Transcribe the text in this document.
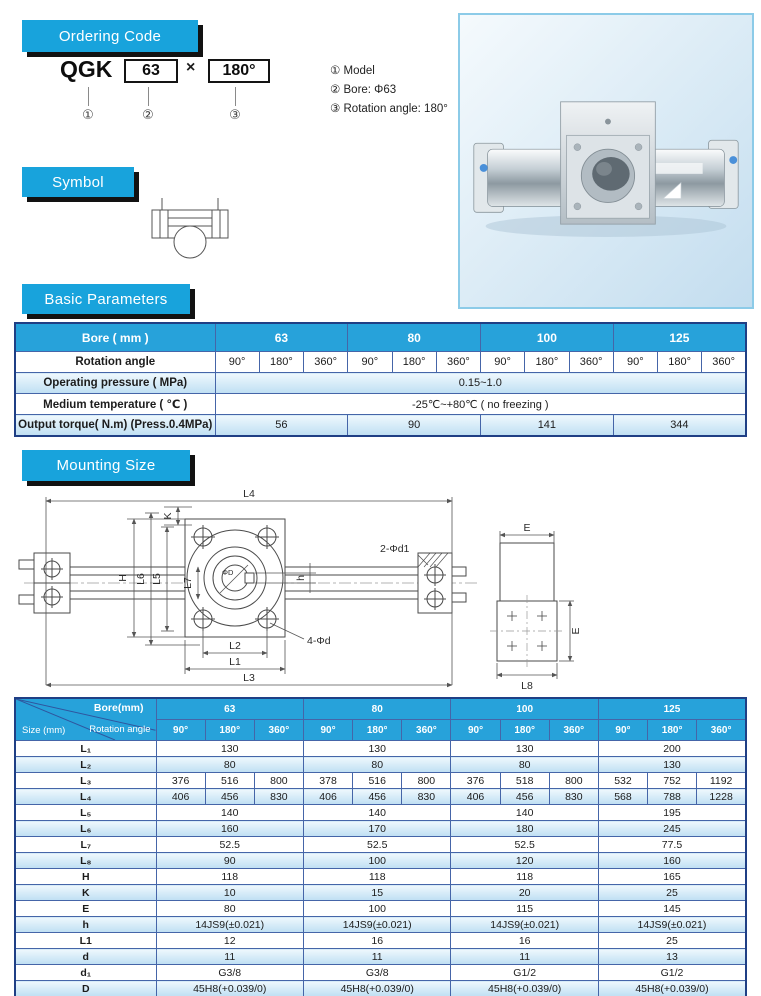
Ordering Code
QGK	63	×	180°
①	②	③
① Model
② Bore: Φ63
③ Rotation angle: 180°
Symbol
Basic Parameters
Bore ( mm )	63			80			100			125		
Rotation angle	90°	180°	360°	90°	180°	360°	90°	180°	360°	90°	180°	360°
Operating pressure ( MPa)	0.15~1.0											
Medium temperature ( ℃ )	-25℃~+80℃ ( no freezing )											
Output torque( N.m) (Press.0.4MPa)	56			90			141			344		
Mounting Size
L4
K
H L6 L5 L7
ΦD
h
2-Φd1
4-Φd
L2
L1
L3
E
E
L8
Bore(mm)
Rotation angle
Size (mm)	63			80			100			125		
	90°	180°	360°	90°	180°	360°	90°	180°	360°	90°	180°	360°
L₁	130			130			130			200		
L₂	80			80			80			130		
L₃	376	516	800	378	516	800	376	518	800	532	752	1192
L₄	406	456	830	406	456	830	406	456	830	568	788	1228
L₅	140			140			140			195		
L₆	160			170			180			245		
L₇	52.5			52.5			52.5			77.5		
L₈	90			100			120			160		
H	118			118			118			165		
K	10			15			20			25		
E	80			100			115			145		
h	14JS9(±0.021)			14JS9(±0.021)			14JS9(±0.021)			14JS9(±0.021)		
L1	12			16			16			25		
d	11			11			11			13		
d₁	G3/8			G3/8			G1/2			G1/2		
D	45H8(+0.039/0)			45H8(+0.039/0)			45H8(+0.039/0)			45H8(+0.039/0)		
